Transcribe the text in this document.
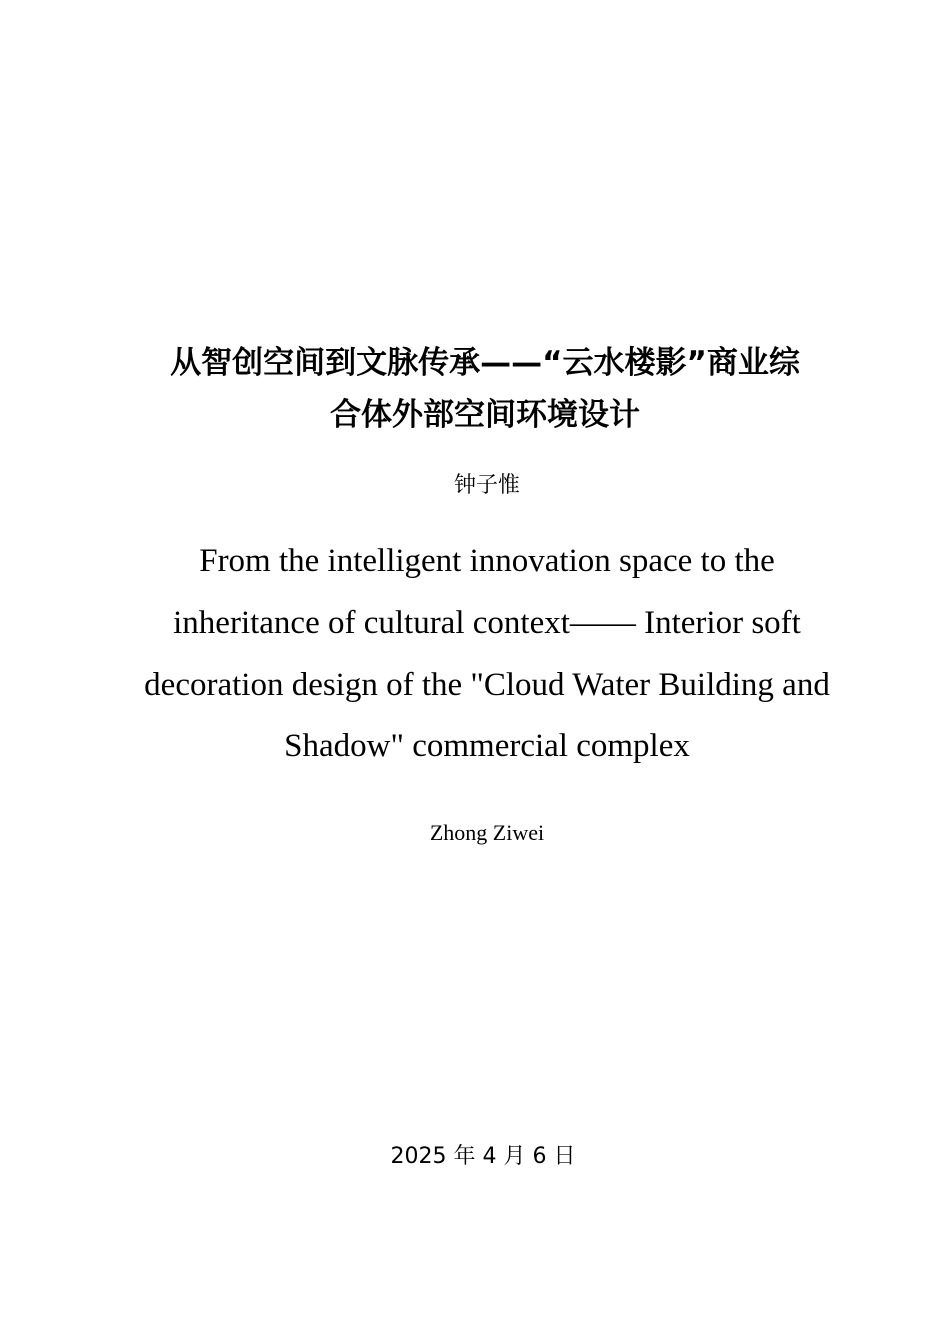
从智创空间到文脉传承——“云水楼影”商业综
合体外部空间环境设计
钟子惟
From the intelligent innovation space to the
inheritance of cultural context—— Interior soft
decoration design of the "Cloud Water Building and
Shadow" commercial complex
Zhong Ziwei
2025 年 4 月 6 日
